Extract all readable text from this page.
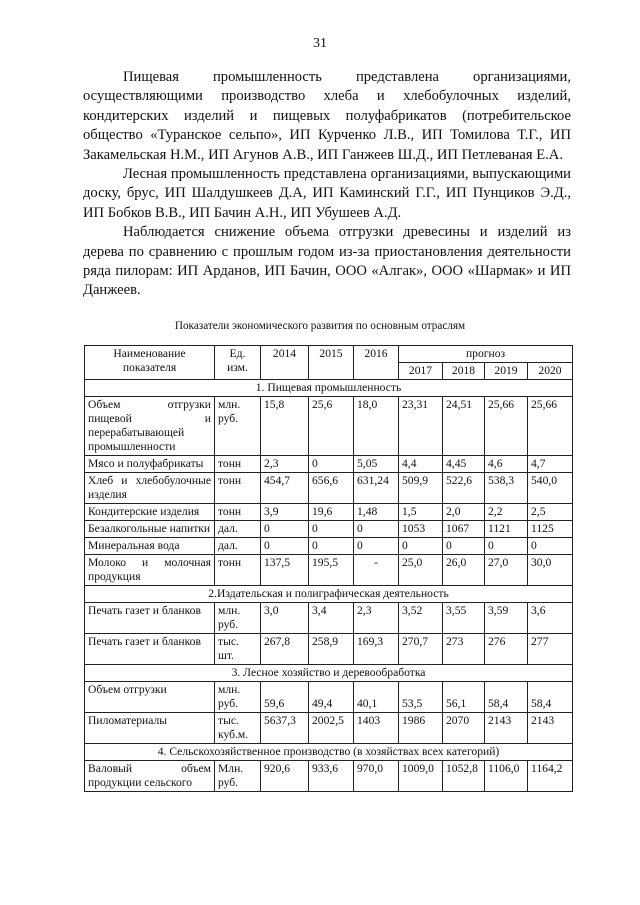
31

Пищевая промышленность представлена организациями, осуществляющими производство хлеба и хлебобулочных изделий, кондитерских изделий и пищевых полуфабрикатов (потребительское общество «Туранское сельпо», ИП Курченко Л.В., ИП Томилова Т.Г., ИП Закамельская Н.М., ИП Агунов А.В., ИП Ганжеев Ш.Д., ИП Петлеваная Е.А.

Лесная промышленность представлена организациями, выпускающими доску, брус, ИП Шалдушкеев Д.А, ИП Каминский Г.Г., ИП Пунциков Э.Д., ИП Бобков В.В., ИП Бачин А.Н., ИП Убушеев А.Д.

Наблюдается снижение объема отгрузки древесины и изделий из дерева по сравнению с прошлым годом из-за приостановления деятельности ряда пилорам: ИП Арданов, ИП Бачин, ООО «Алгак», ООО «Шармак» и ИП Данжеев.

Показатели экономического развития по основным отраслям
Наименование показателя	Ед. изм.	2014	2015	2016	прогноз			
					2017	2018	2019	2020
1. Пищевая промышленность								
Объем отгрузки пищевой и перерабатывающей промышленности	млн. руб.	15,8	25,6	18,0	23,31	24,51	25,66	25,66
Мясо и полуфабрикаты	тонн	2,3	0	5,05	4,4	4,45	4,6	4,7
Хлеб и хлебобулочные изделия	тонн	454,7	656,6	631,24	509,9	522,6	538,3	540,0
Кондитерские изделия	тонн	3,9	19,6	1,48	1,5	2,0	2,2	2,5
Безалкогольные напитки	дал.	0	0	0	1053	1067	1121	1125
Минеральная вода	дал.	0	0	0	0	0	0	0
Молоко и молочная продукция	тонн	137,5	195,5	-	25,0	26,0	27,0	30,0
2.Издательская и полиграфическая деятельность								
Печать газет и бланков	млн. руб.	3,0	3,4	2,3	3,52	3,55	3,59	3,6
Печать газет и бланков	тыс. шт.	267,8	258,9	169,3	270,7	273	276	277
3. Лесное хозяйство и деревообработка								
Объем отгрузки	млн. руб.	59,6	49,4	40,1	53,5	56,1	58,4	58,4
Пиломатериалы	тыс. куб.м.	5637,3	2002,5	1403	1986	2070	2143	2143
4. Сельскохозяйственное производство (в хозяйствах всех категорий)								
Валовый объем продукции сельского	Млн. руб.	920,6	933,6	970,0	1009,0	1052,8	1106,0	1164,2
